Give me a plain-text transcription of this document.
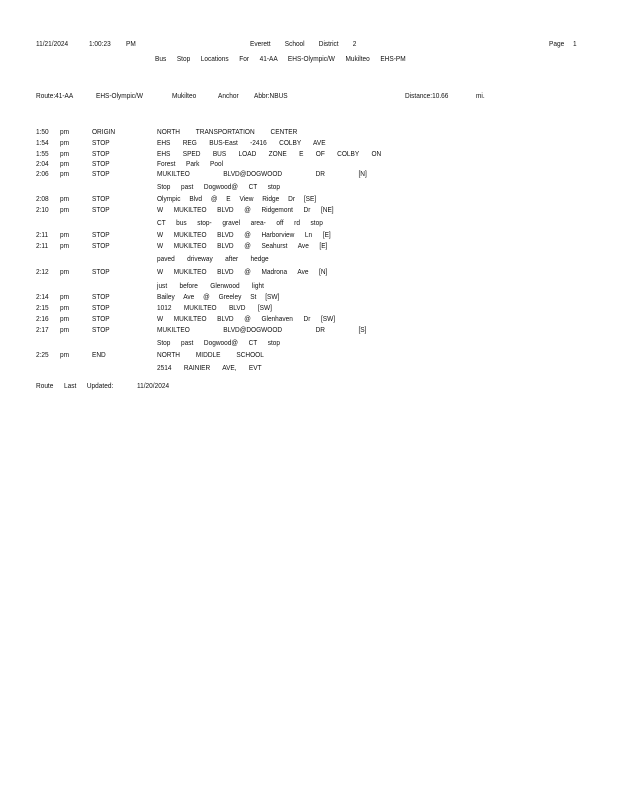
11/21/2024	1:00:23 PM	Everett School District 2	Page 1
Bus Stop Locations For 41-AA EHS-Olympic/W Mukilteo EHS-PM
Route:41-AA	EHS-Olympic/W	Mukilteo	Anchor Abbr:NBUS	Distance:10.66	mi.
1:50 pm	ORIGIN	NORTH TRANSPORTATION CENTER
1:54 pm	STOP	EHS REG BUS-East -2416 COLBY AVE
1:55 pm	STOP	EHS SPED BUS LOAD ZONE E OF COLBY ON
2:04 pm	STOP	Forest Park Pool
2:06 pm	STOP	MUKILTEO BLVD@DOGWOOD DR [N]
Stop past Dogwood@ CT stop
2:08 pm	STOP	Olympic Blvd @ E View Ridge Dr [SE]
2:10 pm	STOP	W MUKILTEO BLVD @ Ridgemont Dr [NE]
CT bus stop- gravel area- off rd stop
2:11 pm	STOP	W MUKILTEO BLVD @ Harborview Ln [E]
2:11 pm	STOP	W MUKILTEO BLVD @ Seahurst Ave [E]
paved driveway after hedge
2:12 pm	STOP	W MUKILTEO BLVD @ Madrona Ave [N]
just before Glenwood light
2:14 pm	STOP	Bailey Ave @ Greeley St [SW]
2:15 pm	STOP	1012 MUKILTEO BLVD [SW]
2:16 pm	STOP	W MUKILTEO BLVD @ Glenhaven Dr [SW]
2:17 pm	STOP	MUKILTEO BLVD@DOGWOOD DR [S]
Stop past Dogwood@ CT stop
2:25 pm	END	NORTH MIDDLE SCHOOL
2514 RAINIER AVE, EVT
Route Last Updated:	11/20/2024
